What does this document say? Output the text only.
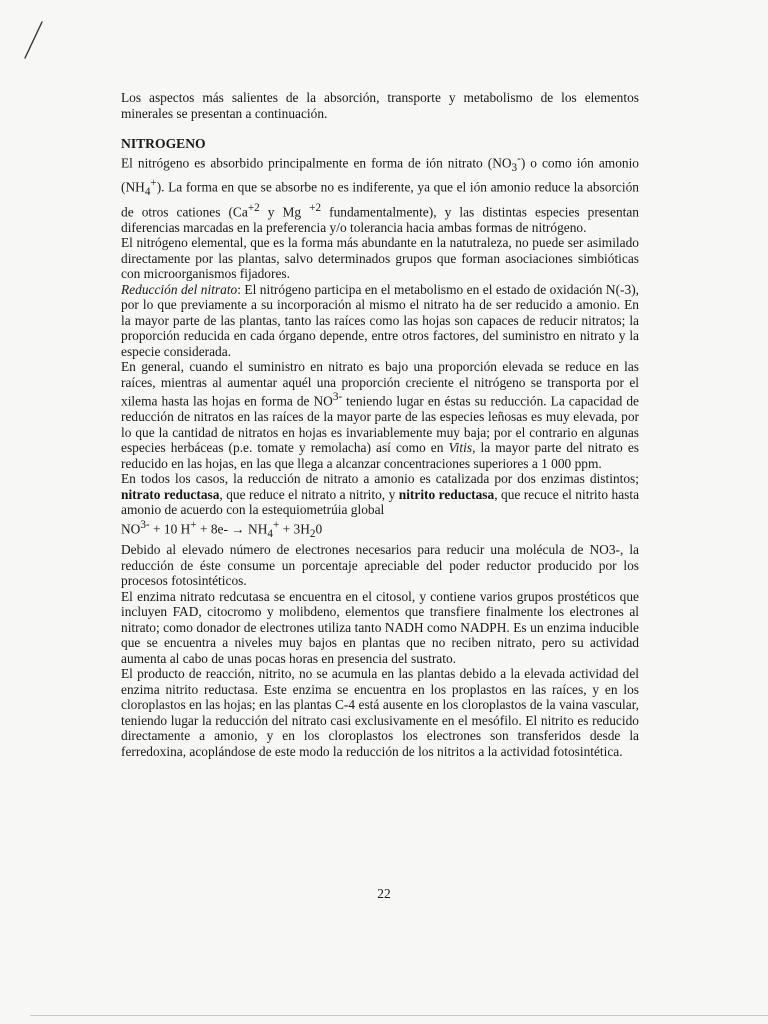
Los aspectos más salientes de la absorción, transporte y metabolismo de los elementos minerales se presentan a continuación.

NITROGENO

El nitrógeno es absorbido principalmente en forma de ión nitrato $(NO_3^-)$ o como ión amonio $(NH_4^+)$. La forma en que se absorbe no es indiferente, ya que el ión amonio reduce la absorción de otros cationes ($Ca^{+2}$ y Mg $^{+2}$ fundamentalmente), y las distintas especies presentan diferencias marcadas en la preferencia y/o tolerancia hacia ambas formas de nitrógeno.

El nitrógeno elemental, que es la forma más abundante en la natutraleza, no puede ser asimilado directamente por las plantas, salvo determinados grupos que forman asociaciones simbióticas con microorganismos fijadores.

Reducción del nitrato: El nitrógeno participa en el metabolismo en el estado de oxidación N(-3), por lo que previamente a su incorporación al mismo el nitrato ha de ser reducido a amonio. En la mayor parte de las plantas, tanto las raíces como las hojas son capaces de reducir nitratos; la proporción reducida en cada órgano depende, entre otros factores, del suministro en nitrato y la especie considerada.

En general, cuando el suministro en nitrato es bajo una proporción elevada se reduce en las raíces, mientras al aumentar aquél una proporción creciente el nitrógeno se transporta por el xilema hasta las hojas en forma de $NO^{3-}$ teniendo lugar en éstas su reducción. La capacidad de reducción de nitratos en las raíces de la mayor parte de las especies leñosas es muy elevada, por lo que la cantidad de nitratos en hojas es invariablemente muy baja; por el contrario en algunas especies herbáceas (p.e. tomate y remolacha) así como en Vitis, la mayor parte del nitrato es reducido en las hojas, en las que llega a alcanzar concentraciones superiores a 1 000 ppm.

En todos los casos, la reducción de nitrato a amonio es catalizada por dos enzimas distintos; nitrato reductasa, que reduce el nitrato a nitrito, y nitrito reductasa, que recuce el nitrito hasta amonio de acuerdo con la estequiometrúia global

$NO^{3-} + 10$ $H^+ + 8e- \to NH_4^+ + 3H_20$

Debido al elevado número de electrones necesarios para reducir una molécula de NO3-, la reducción de éste consume un porcentaje apreciable del poder reductor producido por los procesos fotosintéticos.

El enzima nitrato redcutasa se encuentra en el citosol, y contiene varios grupos prostéticos que incluyen FAD, citocromo y molibdeno, elementos que transfiere finalmente los electrones al nitrato; como donador de electrones utiliza tanto NADH como NADPH. Es un enzima inducible que se encuentra a niveles muy bajos en plantas que no reciben nitrato, pero su actividad aumenta al cabo de unas pocas horas en presencia del sustrato.

El producto de reacción, nitrito, no se acumula en las plantas debido a la elevada actividad del enzima nitrito reductasa. Este enzima se encuentra en los proplastos en las raíces, y en los cloroplastos en las hojas; en las plantas C-4 está ausente en los cloroplastos de la vaina vascular, teniendo lugar la reducción del nitrato casi exclusivamente en el mesófilo. El nitrito es reducido directamente a amonio, y en los cloroplastos los electrones son transferidos desde la ferredoxina, acoplándose de este modo la reducción de los nitritos a la actividad fotosintética.

22
